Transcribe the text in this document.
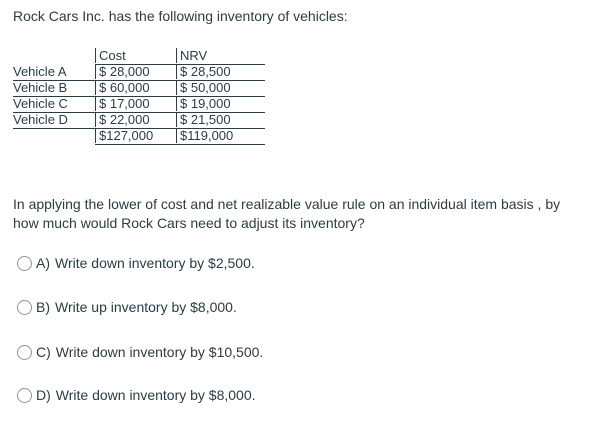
Rock Cars Inc. has the following inventory of vehicles:
Cost	NRV
Vehicle A	$ 28,000	$ 28,500
Vehicle B	$ 60,000	$ 50,000
Vehicle C	$ 17,000	$ 19,000
Vehicle D	$ 22,000	$ 21,500
$127,000	$119,000
In applying the lower of cost and net realizable value rule on an individual item basis , by how much would Rock Cars need to adjust its inventory?
A) Write down inventory by $2,500.
B) Write up inventory by $8,000.
C) Write down inventory by $10,500.
D) Write down inventory by $8,000.
